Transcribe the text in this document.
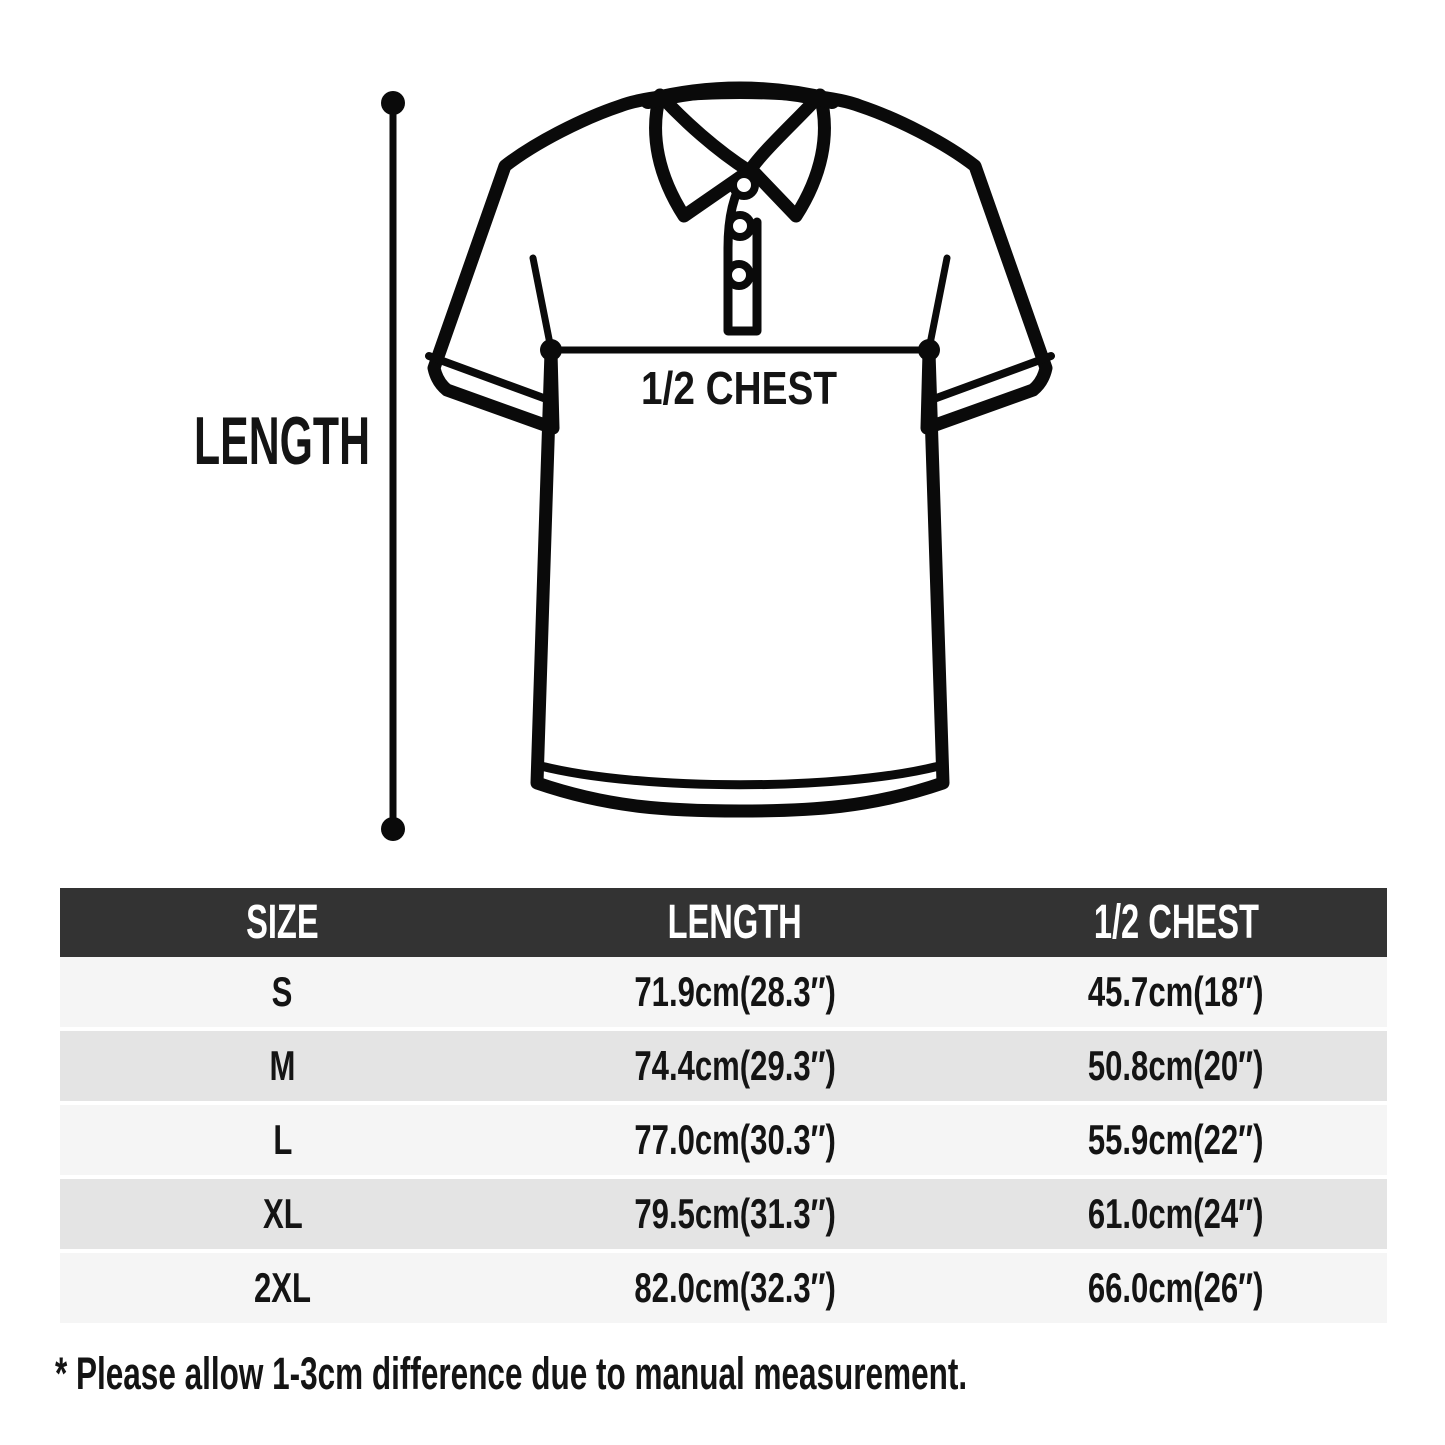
LENGTH
1/2 CHEST
SIZE	LENGTH	1/2 CHEST
S	71.9cm(28.3″)	45.7cm(18″)
M	74.4cm(29.3″)	50.8cm(20″)
L	77.0cm(30.3″)	55.9cm(22″)
XL	79.5cm(31.3″)	61.0cm(24″)
2XL	82.0cm(32.3″)	66.0cm(26″)
* Please allow 1-3cm difference due to manual measurement.
